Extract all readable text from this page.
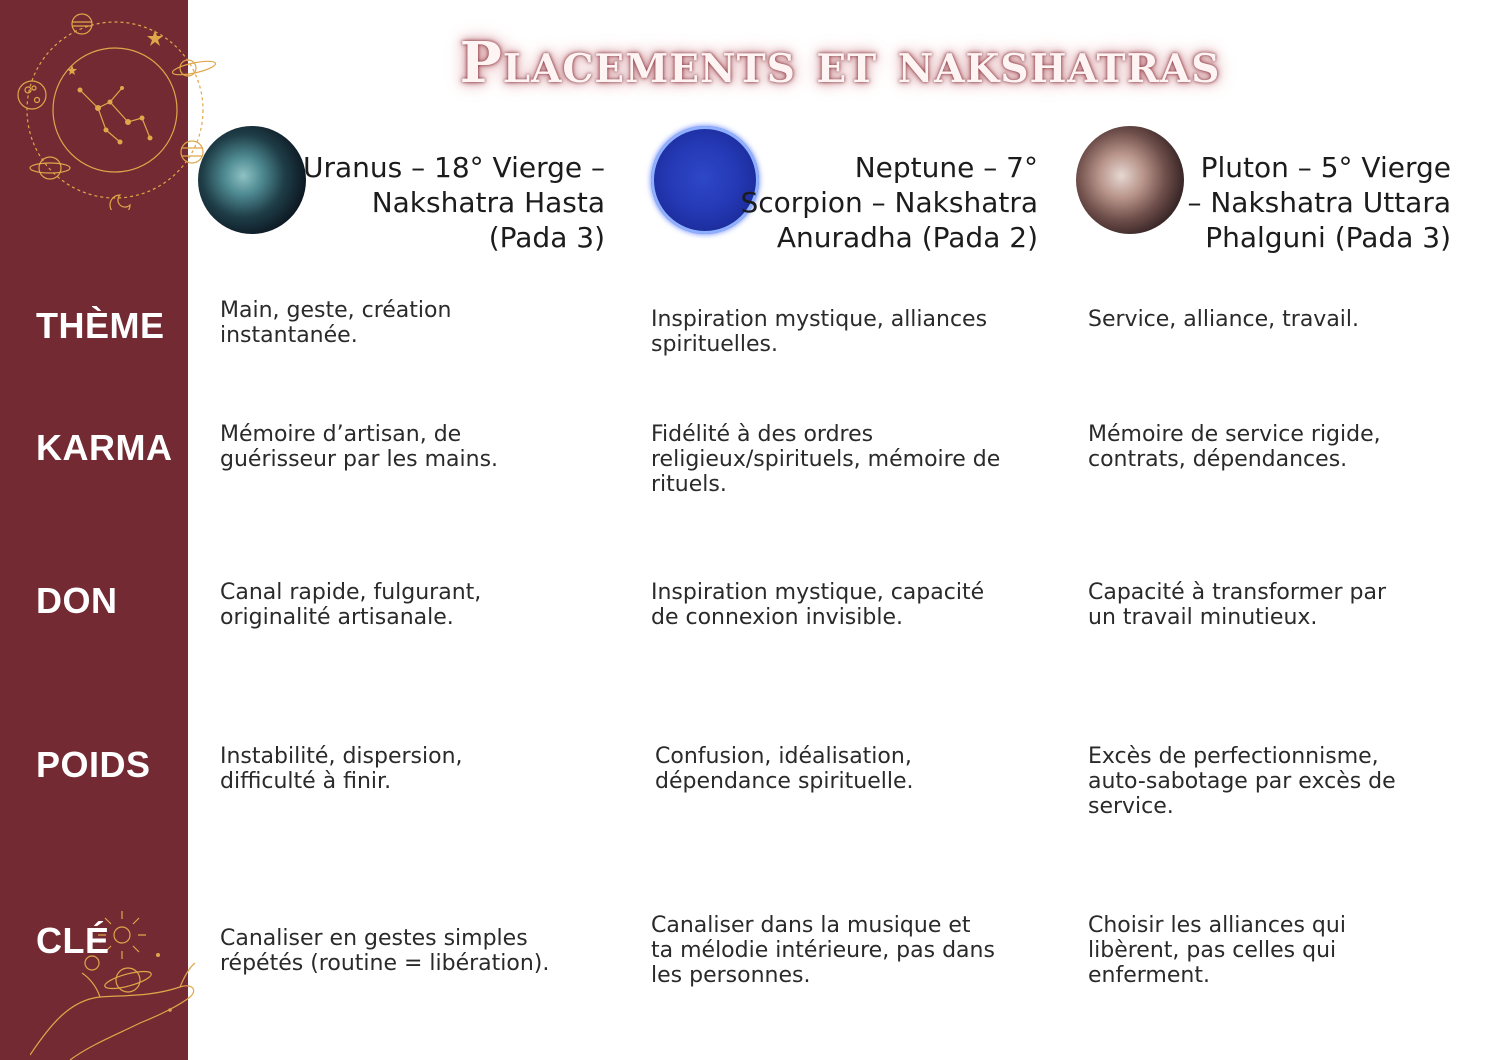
Placements et nakshatras
Uranus – 18° Vierge –
Nakshatra Hasta
(Pada 3)
Neptune – 7°
Scorpion – Nakshatra
Anuradha (Pada 2)
Pluton – 5° Vierge
– Nakshatra Uttara
Phalguni (Pada 3)
THÈME
KARMA
DON
POIDS
CLÉ
Main, geste, création
instantanée.
Inspiration mystique, alliances
spirituelles.
Service, alliance, travail.
Mémoire d’artisan, de
guérisseur par les mains.
Fidélité à des ordres
religieux/spirituels, mémoire de
rituels.
Mémoire de service rigide,
contrats, dépendances.
Canal rapide, fulgurant,
originalité artisanale.
Inspiration mystique, capacité
de connexion invisible.
Capacité à transformer par
un travail minutieux.
Instabilité, dispersion,
difficulté à finir.
Confusion, idéalisation,
dépendance spirituelle.
Excès de perfectionnisme,
auto-sabotage par excès de
service.
Canaliser en gestes simples
répétés (routine = libération).
Canaliser dans la musique et
ta mélodie intérieure, pas dans
les personnes.
Choisir les alliances qui
libèrent, pas celles qui
enferment.
